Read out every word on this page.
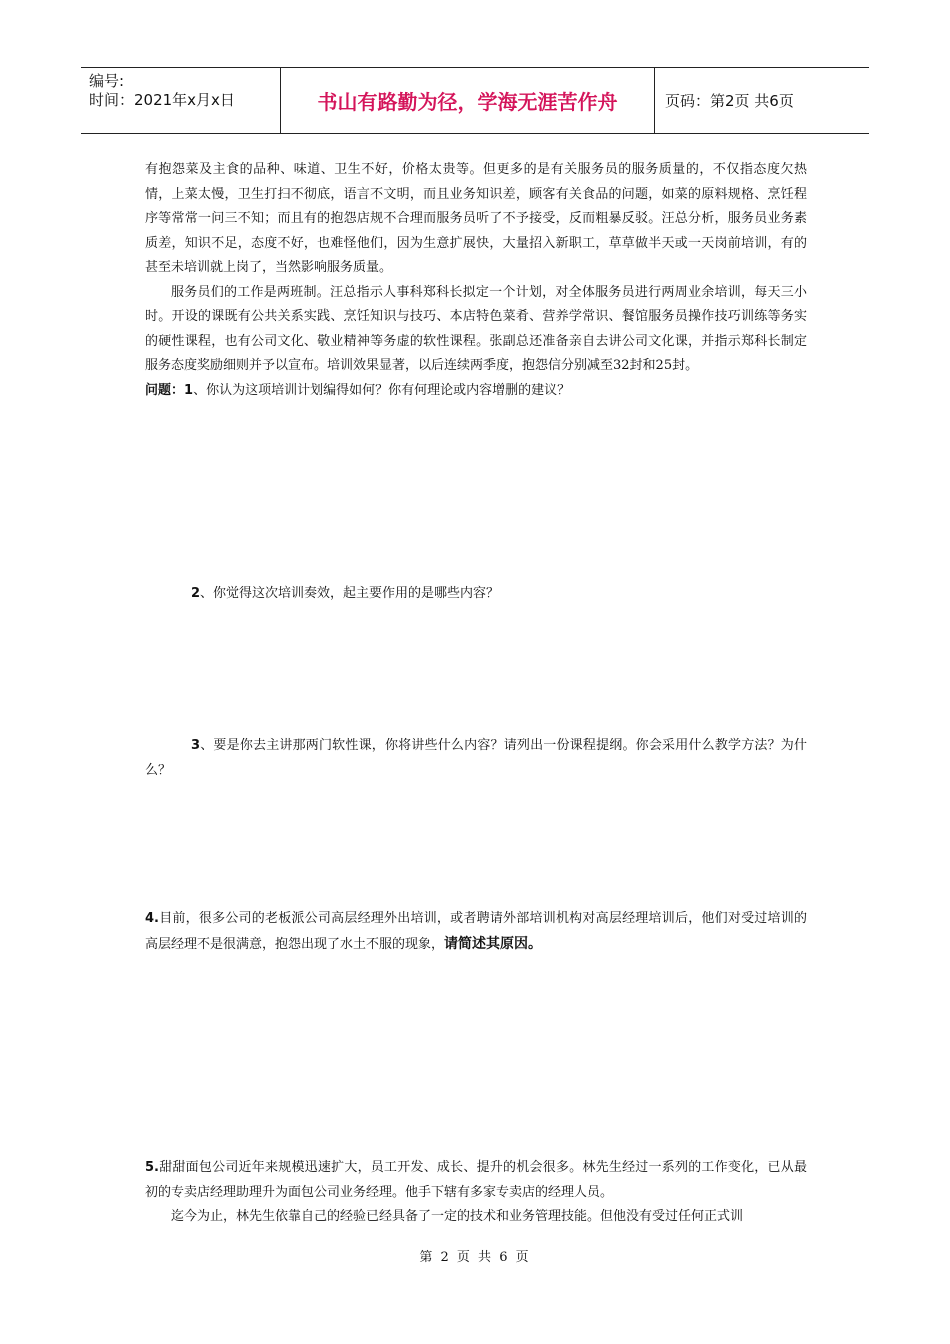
编号:
时间：2021年x月x日	书山有路勤为径，学海无涯苦作舟	页码：第2页 共6页

有抱怨菜及主食的品种、味道、卫生不好，价格太贵等。但更多的是有关服务员的服务质量的，不仅指态度欠热情，上菜太慢，卫生打扫不彻底，语言不文明，而且业务知识差，顾客有关食品的问题，如菜的原料规格、烹饪程序等常常一问三不知；而且有的抱怨店规不合理而服务员听了不予接受，反而粗暴反驳。汪总分析，服务员业务素质差，知识不足，态度不好，也难怪他们，因为生意扩展快，大量招入新职工，草草做半天或一天岗前培训，有的甚至未培训就上岗了，当然影响服务质量。

服务员们的工作是两班制。汪总指示人事科郑科长拟定一个计划，对全体服务员进行两周业余培训，每天三小时。开设的课既有公共关系实践、烹饪知识与技巧、本店特色菜肴、营养学常识、餐馆服务员操作技巧训练等务实的硬性课程，也有公司文化、敬业精神等务虚的软性课程。张副总还准备亲自去讲公司文化课，并指示郑科长制定服务态度奖励细则并予以宣布。培训效果显著，以后连续两季度，抱怨信分别减至32封和25封。

问题：1、你认为这项培训计划编得如何？你有何理论或内容增删的建议？

2、你觉得这次培训奏效，起主要作用的是哪些内容？

3、要是你去主讲那两门软性课，你将讲些什么内容？请列出一份课程提纲。你会采用什么教学方法？为什么？

4.目前，很多公司的老板派公司高层经理外出培训，或者聘请外部培训机构对高层经理培训后，他们对受过培训的高层经理不是很满意，抱怨出现了水土不服的现象，请简述其原因。

5.甜甜面包公司近年来规模迅速扩大，员工开发、成长、提升的机会很多。林先生经过一系列的工作变化，已从最初的专卖店经理助理升为面包公司业务经理。他手下辖有多家专卖店的经理人员。

迄今为止，林先生依靠自己的经验已经具备了一定的技术和业务管理技能。但他没有受过任何正式训

第 2 页 共 6 页
